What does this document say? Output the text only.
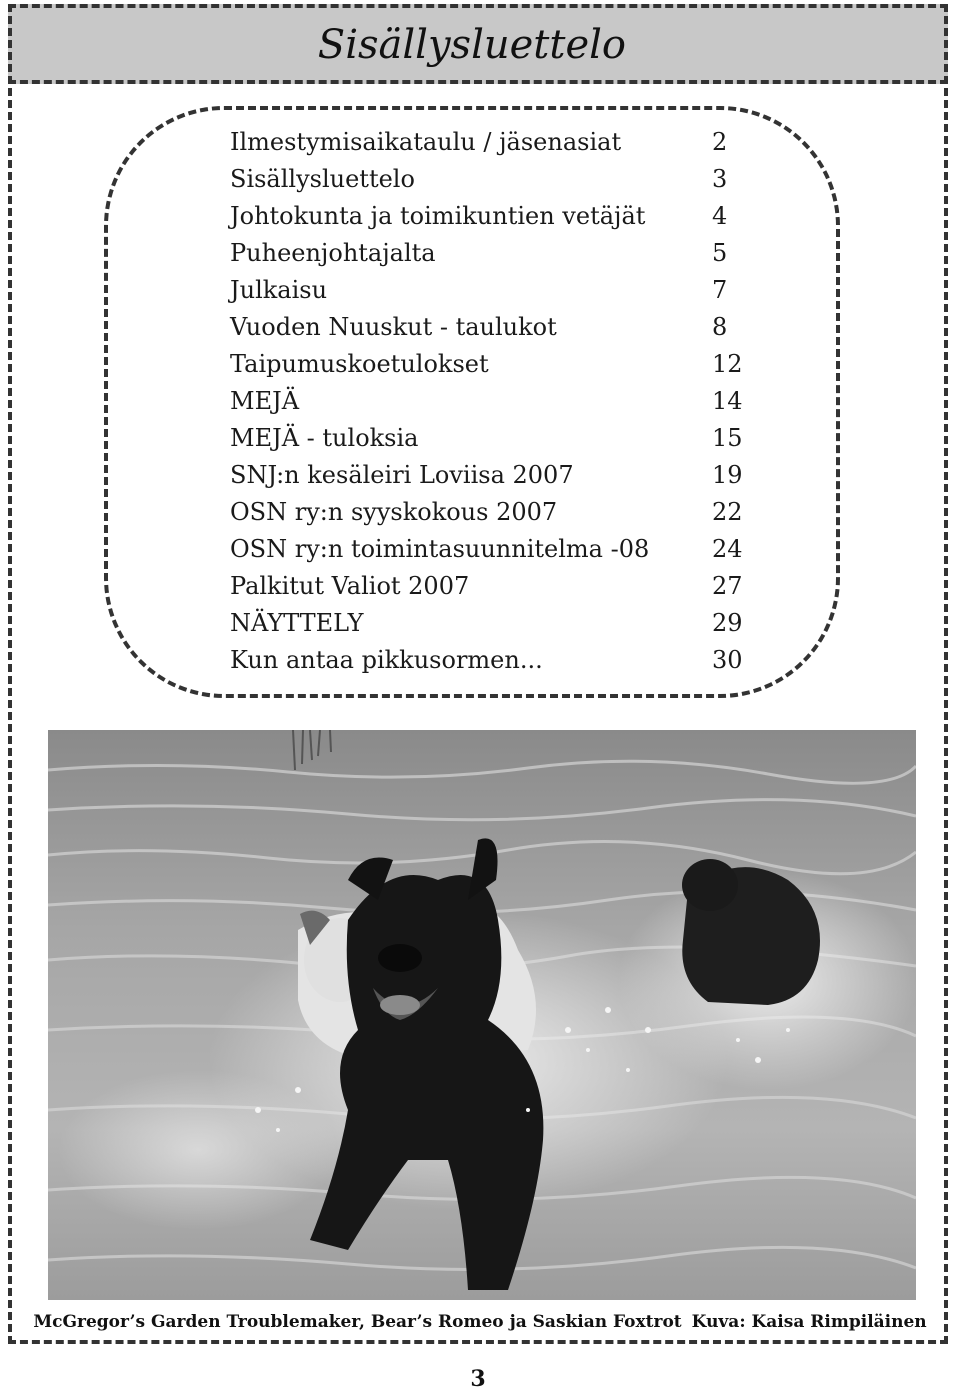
Sisällysluettelo
Ilmestymisaikataulu / jäsenasiat	2
Sisällysluettelo	3
Johtokunta ja toimikuntien vetäjät	4
Puheenjohtajalta	5
Julkaisu	7
Vuoden Nuuskut - taulukot	8
Taipumuskoetulokset	12
MEJÄ	14
MEJÄ - tuloksia	15
SNJ:n kesäleiri Loviisa 2007	19
OSN ry:n syyskokous 2007	22
OSN ry:n toimintasuunnitelma -08	24
Palkitut Valiot 2007	27
NÄYTTELY	29
Kun antaa pikkusormen...	30
McGregor’s Garden Troublemaker, Bear’s Romeo ja Saskian Foxtrot Kuva: Kaisa Rimpiläinen
3
